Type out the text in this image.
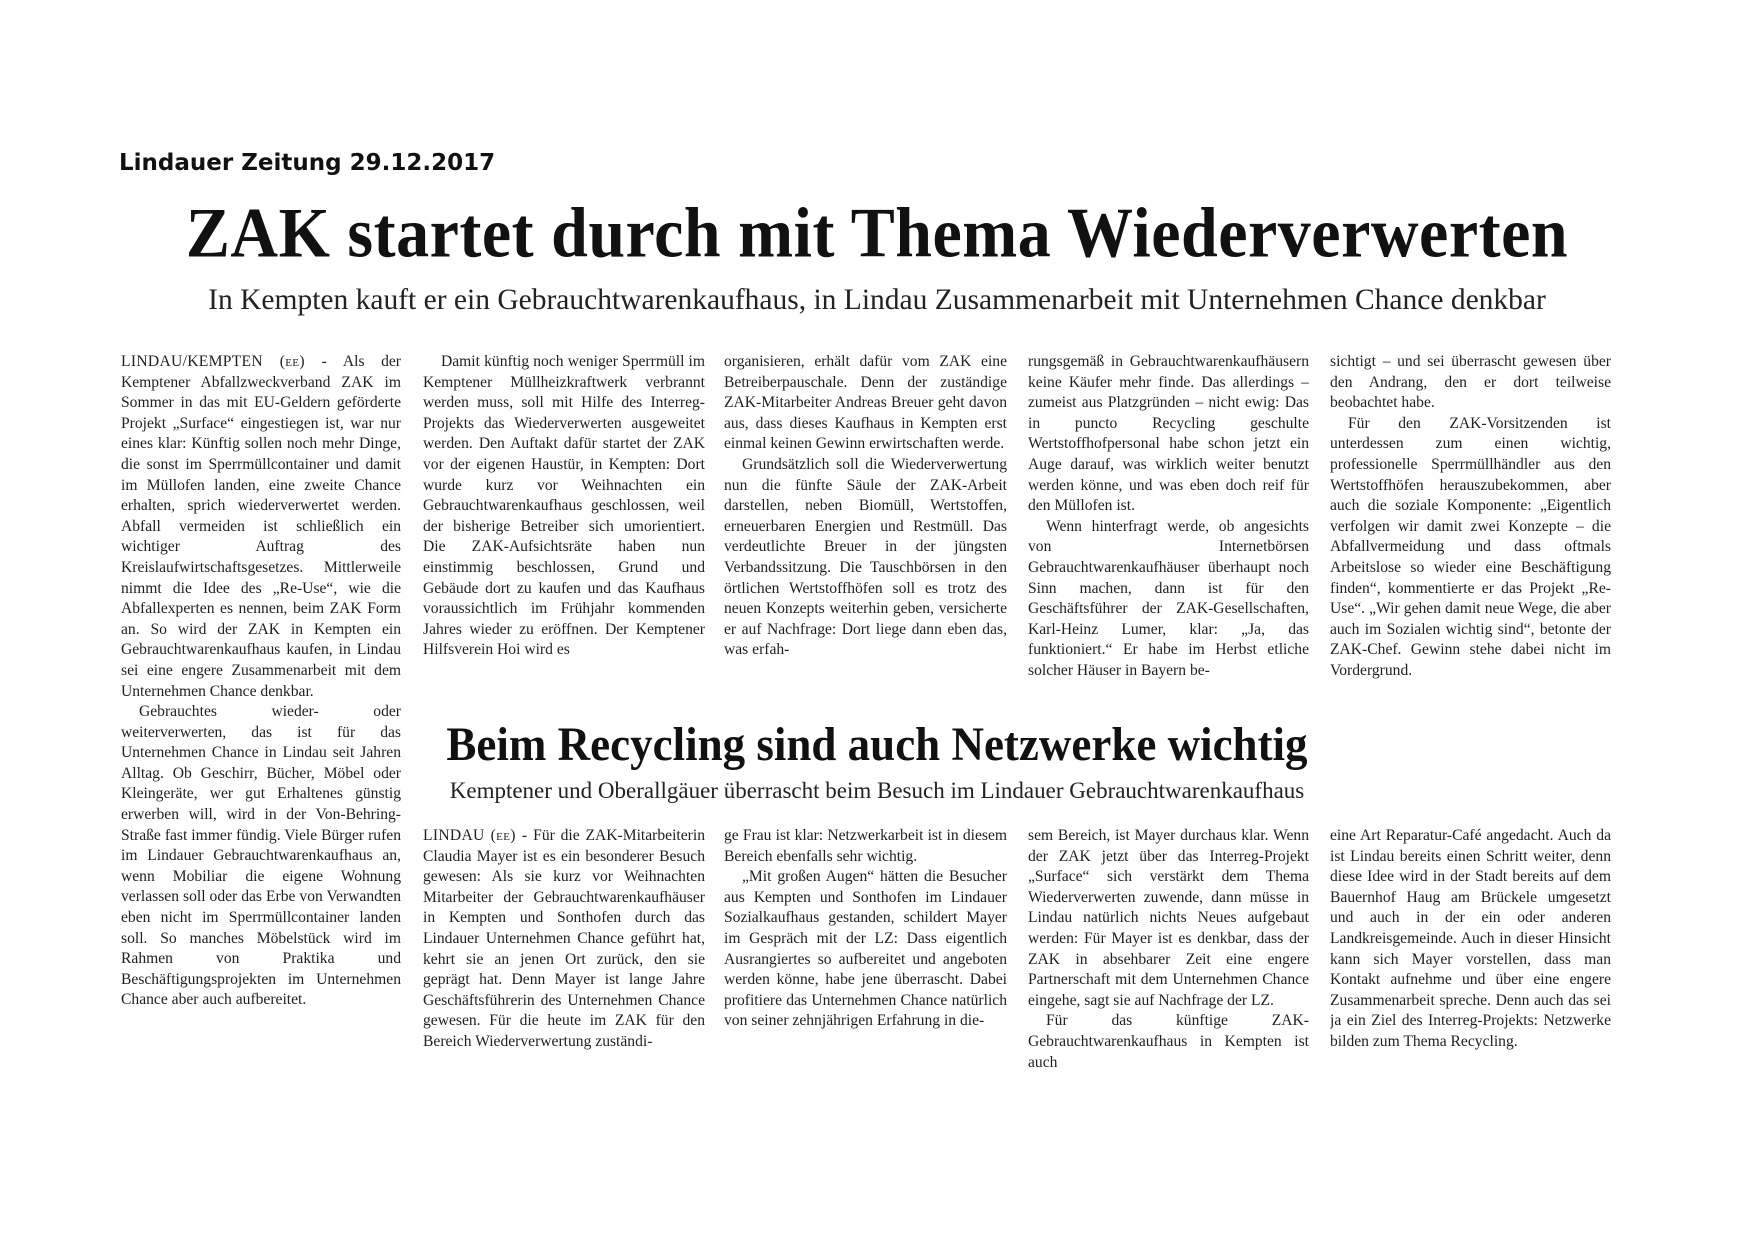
Lindauer Zeitung 29.12.2017
ZAK startet durch mit Thema Wiederverwerten
In Kempten kauft er ein Gebrauchtwarenkaufhaus, in Lindau Zusammenarbeit mit Unternehmen Chance denkbar

LINDAU/KEMPTEN (ee) - Als der Kemptener Abfallzweckverband ZAK im Sommer in das mit EU-Geldern geförderte Projekt „Surface“ eingestiegen ist, war nur eines klar: Künftig sollen noch mehr Dinge, die sonst im Sperrmüllcontainer und damit im Müllofen landen, eine zweite Chance erhalten, sprich wiederverwertet werden. Abfall vermeiden ist schließlich ein wichtiger Auftrag des Kreislaufwirtschaftsgesetzes. Mittlerweile nimmt die Idee des „Re-Use“, wie die Abfallexperten es nennen, beim ZAK Form an. So wird der ZAK in Kempten ein Gebrauchtwarenkaufhaus kaufen, in Lindau sei eine engere Zusammenarbeit mit dem Unternehmen Chance denkbar.

Gebrauchtes wieder- oder weiterverwerten, das ist für das Unternehmen Chance in Lindau seit Jahren Alltag. Ob Geschirr, Bücher, Möbel oder Kleingeräte, wer gut Erhaltenes günstig erwerben will, wird in der Von-Behring-Straße fast immer fündig. Viele Bürger rufen im Lindauer Gebrauchtwarenkaufhaus an, wenn Mobiliar die eigene Wohnung verlassen soll oder das Erbe von Verwandten eben nicht im Sperrmüllcontainer landen soll. So manches Möbelstück wird im Rahmen von Praktika und Beschäftigungsprojekten im Unternehmen Chance aber auch aufbereitet.

Damit künftig noch weniger Sperrmüll im Kemptener Müllheizkraftwerk verbrannt werden muss, soll mit Hilfe des Interreg-Projekts das Wiederverwerten ausgeweitet werden. Den Auftakt dafür startet der ZAK vor der eigenen Haustür, in Kempten: Dort wurde kurz vor Weihnachten ein Gebrauchtwarenkaufhaus geschlossen, weil der bisherige Betreiber sich umorientiert. Die ZAK-Aufsichtsräte haben nun einstimmig beschlossen, Grund und Gebäude dort zu kaufen und das Kaufhaus voraussichtlich im Frühjahr kommenden Jahres wieder zu eröffnen. Der Kemptener Hilfsverein Hoi wird es

organisieren, erhält dafür vom ZAK eine Betreiberpauschale. Denn der zuständige ZAK-Mitarbeiter Andreas Breuer geht davon aus, dass dieses Kaufhaus in Kempten erst einmal keinen Gewinn erwirtschaften werde.

Grundsätzlich soll die Wiederverwertung nun die fünfte Säule der ZAK-Arbeit darstellen, neben Biomüll, Wertstoffen, erneuerbaren Energien und Restmüll. Das verdeutlichte Breuer in der jüngsten Verbandssitzung. Die Tauschbörsen in den örtlichen Wertstoffhöfen soll es trotz des neuen Konzepts weiterhin geben, versicherte er auf Nachfrage: Dort liege dann eben das, was erfah-

rungsgemäß in Gebrauchtwarenkaufhäusern keine Käufer mehr finde. Das allerdings – zumeist aus Platzgründen – nicht ewig: Das in puncto Recycling geschulte Wertstoffhofpersonal habe schon jetzt ein Auge darauf, was wirklich weiter benutzt werden könne, und was eben doch reif für den Müllofen ist.

Wenn hinterfragt werde, ob angesichts von Internetbörsen Gebrauchtwarenkaufhäuser überhaupt noch Sinn machen, dann ist für den Geschäftsführer der ZAK-Gesellschaften, Karl-Heinz Lumer, klar: „Ja, das funktioniert.“ Er habe im Herbst etliche solcher Häuser in Bayern be-

sichtigt – und sei überrascht gewesen über den Andrang, den er dort teilweise beobachtet habe.

Für den ZAK-Vorsitzenden ist unterdessen zum einen wichtig, professionelle Sperrmüllhändler aus den Wertstoffhöfen herauszubekommen, aber auch die soziale Komponente: „Eigentlich verfolgen wir damit zwei Konzepte – die Abfallvermeidung und dass oftmals Arbeitslose so wieder eine Beschäftigung finden“, kommentierte er das Projekt „Re-Use“. „Wir gehen damit neue Wege, die aber auch im Sozialen wichtig sind“, betonte der ZAK-Chef. Gewinn stehe dabei nicht im Vordergrund.

Beim Recycling sind auch Netzwerke wichtig
Kemptener und Oberallgäuer überrascht beim Besuch im Lindauer Gebrauchtwarenkaufhaus

LINDAU (ee) - Für die ZAK-Mitarbeiterin Claudia Mayer ist es ein besonderer Besuch gewesen: Als sie kurz vor Weihnachten Mitarbeiter der Gebrauchtwarenkaufhäuser in Kempten und Sonthofen durch das Lindauer Unternehmen Chance geführt hat, kehrt sie an jenen Ort zurück, den sie geprägt hat. Denn Mayer ist lange Jahre Geschäftsführerin des Unternehmen Chance gewesen. Für die heute im ZAK für den Bereich Wiederverwertung zuständi-

ge Frau ist klar: Netzwerkarbeit ist in diesem Bereich ebenfalls sehr wichtig.

„Mit großen Augen“ hätten die Besucher aus Kempten und Sonthofen im Lindauer Sozialkaufhaus gestanden, schildert Mayer im Gespräch mit der LZ: Dass eigentlich Ausrangiertes so aufbereitet und angeboten werden könne, habe jene überrascht. Dabei profitiere das Unternehmen Chance natürlich von seiner zehnjährigen Erfahrung in die-

sem Bereich, ist Mayer durchaus klar. Wenn der ZAK jetzt über das Interreg-Projekt „Surface“ sich verstärkt dem Thema Wiederverwerten zuwende, dann müsse in Lindau natürlich nichts Neues aufgebaut werden: Für Mayer ist es denkbar, dass der ZAK in absehbarer Zeit eine engere Partnerschaft mit dem Unternehmen Chance eingehe, sagt sie auf Nachfrage der LZ.

Für das künftige ZAK-Gebrauchtwarenkaufhaus in Kempten ist auch

eine Art Reparatur-Café angedacht. Auch da ist Lindau bereits einen Schritt weiter, denn diese Idee wird in der Stadt bereits auf dem Bauernhof Haug am Brückele umgesetzt und auch in der ein oder anderen Landkreisgemeinde. Auch in dieser Hinsicht kann sich Mayer vorstellen, dass man Kontakt aufnehme und über eine engere Zusammenarbeit spreche. Denn auch das sei ja ein Ziel des Interreg-Projekts: Netzwerke bilden zum Thema Recycling.
